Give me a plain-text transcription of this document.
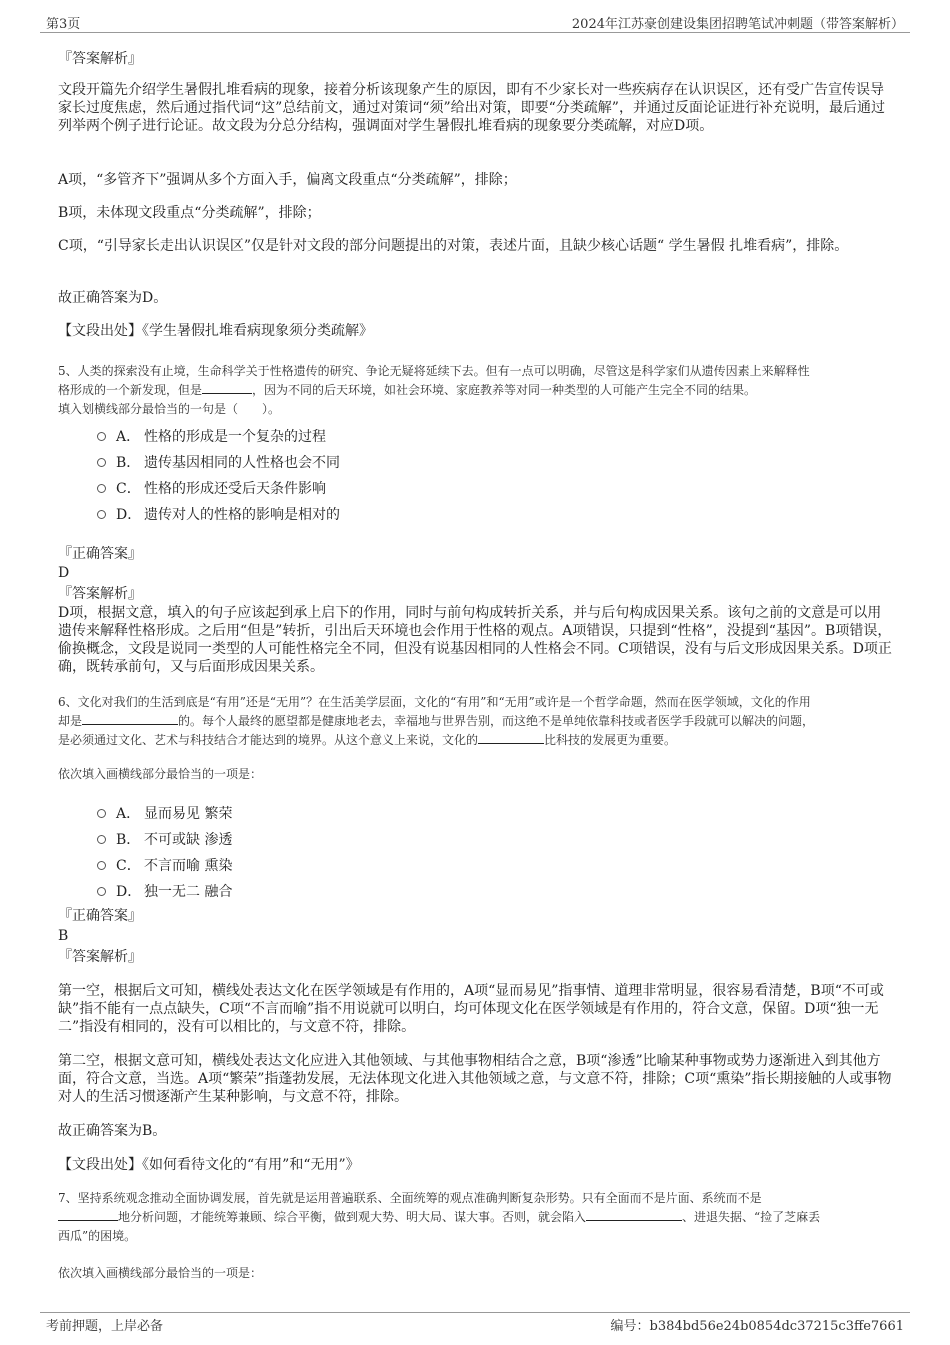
第3页	2024年江苏豪创建设集团招聘笔试冲刺题（带答案解析）
『答案解析』
文段开篇先介绍学生暑假扎堆看病的现象，接着分析该现象产生的原因，即有不少家长对一些疾病存在认识误区，还有受广告宣传误导家长过度焦虑，然后通过指代词“这”总结前文，通过对策词“须”给出对策，即要“分类疏解”，并通过反面论证进行补充说明，最后通过列举两个例子进行论证。故文段为分总分结构，强调面对学生暑假扎堆看病的现象要分类疏解，对应D项。
A项，“多管齐下”强调从多个方面入手，偏离文段重点“分类疏解”，排除；
B项，未体现文段重点“分类疏解”，排除；
C项，“引导家长走出认识误区”仅是针对文段的部分问题提出的对策，表述片面，且缺少核心话题“ 学生暑假 扎堆看病”，排除。
故正确答案为D。
【文段出处】《学生暑假扎堆看病现象须分类疏解》
5、人类的探索没有止境，生命科学关于性格遗传的研究、争论无疑将延续下去。但有一点可以明确，尽管这是科学家们从遗传因素上来解释性
格形成的一个新发现，但是	，因为不同的后天环境，如社会环境、家庭教养等对同一种类型的人可能产生完全不同的结果。
填入划横线部分最恰当的一句是（　　）。
A． 性格的形成是一个复杂的过程
B． 遗传基因相同的人性格也会不同
C． 性格的形成还受后天条件影响
D． 遗传对人的性格的影响是相对的
『正确答案』
D
『答案解析』
D项，根据文意，填入的句子应该起到承上启下的作用，同时与前句构成转折关系，并与后句构成因果关系。该句之前的文意是可以用遗传来解释性格形成。之后用“但是”转折，引出后天环境也会作用于性格的观点。A项错误，只提到“性格”，没提到“基因”。B项错误，偷换概念，文段是说同一类型的人可能性格完全不同，但没有说基因相同的人性格会不同。C项错误，没有与后文形成因果关系。D项正确，既转承前句，又与后面形成因果关系。
6、文化对我们的生活到底是“有用”还是“无用”？在生活美学层面，文化的“有用”和“无用”或许是一个哲学命题，然而在医学领域，文化的作用
却是	的。每个人最终的愿望都是健康地老去，幸福地与世界告别，而这绝不是单纯依靠科技或者医学手段就可以解决的问题，
是必须通过文化、艺术与科技结合才能达到的境界。从这个意义上来说，文化的	比科技的发展更为重要。
依次填入画横线部分最恰当的一项是：
A． 显而易见 繁荣
B． 不可或缺 渗透
C． 不言而喻 熏染
D． 独一无二 融合
『正确答案』
B
『答案解析』
第一空，根据后文可知，横线处表达文化在医学领域是有作用的，A项“显而易见”指事情、道理非常明显，很容易看清楚，B项“不可或缺”指不能有一点点缺失，C项“不言而喻”指不用说就可以明白，均可体现文化在医学领域是有作用的，符合文意，保留。D项“独一无二”指没有相同的，没有可以相比的，与文意不符，排除。
第二空，根据文意可知，横线处表达文化应进入其他领域、与其他事物相结合之意，B项“渗透”比喻某种事物或势力逐渐进入到其他方面，符合文意，当选。A项“繁荣”指蓬勃发展，无法体现文化进入其他领域之意，与文意不符，排除；C项“熏染”指长期接触的人或事物对人的生活习惯逐渐产生某种影响，与文意不符，排除。
故正确答案为B。
【文段出处】《如何看待文化的“有用”和“无用”》
7、坚持系统观念推动全面协调发展，首先就是运用普遍联系、全面统筹的观点准确判断复杂形势。只有全面而不是片面、系统而不是
地分析问题，才能统筹兼顾、综合平衡，做到观大势、明大局、谋大事。否则，就会陷入	、进退失据、“捡了芝麻丢
西瓜”的困境。
依次填入画横线部分最恰当的一项是：
考前押题，上岸必备	编号：b384bd56e24b0854dc37215c3ffe7661
